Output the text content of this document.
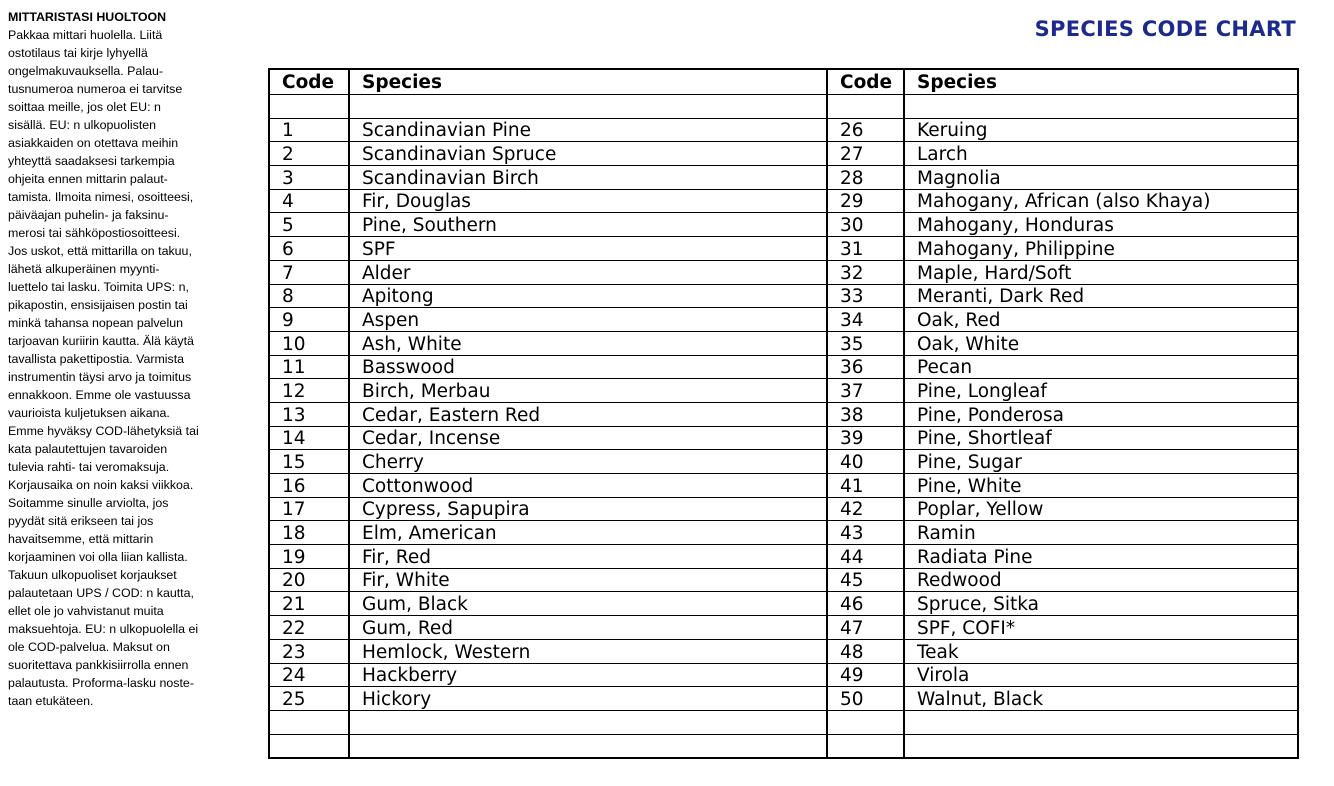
MITTARISTASI HUOLTOON
Pakkaa mittari huolella. Liitä
ostotilaus tai kirje lyhyellä
ongelmakuvauksella. Palau-
tusnumeroa numeroa ei tarvitse
soittaa meille, jos olet EU: n
sisällä. EU: n ulkopuolisten
asiakkaiden on otettava meihin
yhteyttä saadaksesi tarkempia
ohjeita ennen mittarin palaut-
tamista. Ilmoita nimesi, osoitteesi,
päiväajan puhelin- ja faksinu-
merosi tai sähköpostiosoitteesi.
Jos uskot, että mittarilla on takuu,
lähetä alkuperäinen myynti-
luettelo tai lasku. Toimita UPS: n,
pikapostin, ensisijaisen postin tai
minkä tahansa nopean palvelun
tarjoavan kuriirin kautta. Älä käytä
tavallista pakettipostia. Varmista
instrumentin täysi arvo ja toimitus
ennakkoon. Emme ole vastuussa
vaurioista kuljetuksen aikana.
Emme hyväksy COD-lähetyksiä tai
kata palautettujen tavaroiden
tulevia rahti- tai veromaksuja.
Korjausaika on noin kaksi viikkoa.
Soitamme sinulle arviolta, jos
pyydät sitä erikseen tai jos
havaitsemme, että mittarin
korjaaminen voi olla liian kallista.
Takuun ulkopuoliset korjaukset
palautetaan UPS / COD: n kautta,
ellet ole jo vahvistanut muita
maksuehtoja. EU: n ulkopuolella ei
ole COD-palvelua. Maksut on
suoritettava pankkisiirrolla ennen
palautusta. Proforma-lasku noste-
taan etukäteen.
SPECIES CODE CHART
Code	Species	Code	Species

1	Scandinavian Pine	26	Keruing
2	Scandinavian Spruce	27	Larch
3	Scandinavian Birch	28	Magnolia
4	Fir, Douglas	29	Mahogany, African (also Khaya)
5	Pine, Southern	30	Mahogany, Honduras
6	SPF	31	Mahogany, Philippine
7	Alder	32	Maple, Hard/Soft
8	Apitong	33	Meranti, Dark Red
9	Aspen	34	Oak, Red
10	Ash, White	35	Oak, White
11	Basswood	36	Pecan
12	Birch, Merbau	37	Pine, Longleaf
13	Cedar, Eastern Red	38	Pine, Ponderosa
14	Cedar, Incense	39	Pine, Shortleaf
15	Cherry	40	Pine, Sugar
16	Cottonwood	41	Pine, White
17	Cypress, Sapupira	42	Poplar, Yellow
18	Elm, American	43	Ramin
19	Fir, Red	44	Radiata Pine
20	Fir, White	45	Redwood
21	Gum, Black	46	Spruce, Sitka
22	Gum, Red	47	SPF, COFI*
23	Hemlock, Western	48	Teak
24	Hackberry	49	Virola
25	Hickory	50	Walnut, Black
